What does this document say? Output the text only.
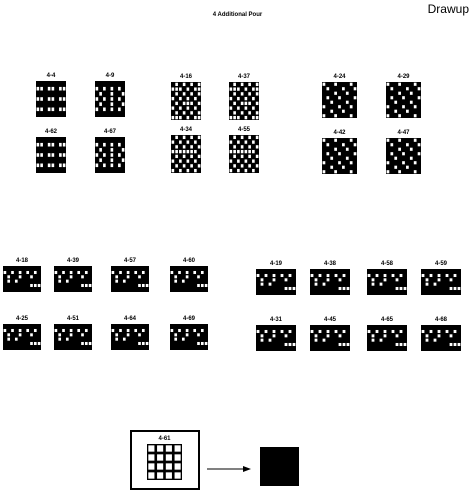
Drawup
4 Additional Pour
4-4	4-9
4-62	4-67
4-16	4-37
4-34	4-55
4-24	4-29
4-42	4-47
4-18	4-39	4-57	4-60
4-25	4-51	4-64	4-69
4-19	4-38	4-58	4-59
4-31	4-45	4-65	4-68
4-61
